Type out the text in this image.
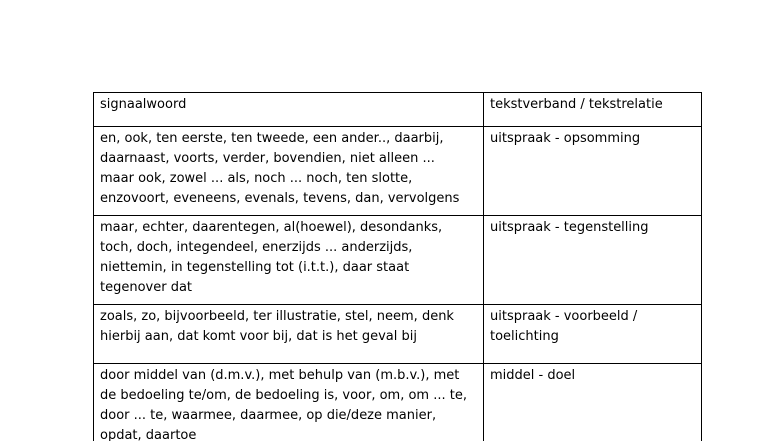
signaalwoord	tekstverband / tekstrelatie

en, ook, ten eerste, ten tweede, een ander.., daarbij,
daarnaast, voorts, verder, bovendien, niet alleen ...
maar ook, zowel ... als, noch ... noch, ten slotte,
enzovoort, eveneens, evenals, tevens, dan, vervolgens	uitspraak - opsomming

maar, echter, daarentegen, al(hoewel), desondanks,
toch, doch, integendeel, enerzijds ... anderzijds,
niettemin, in tegenstelling tot (i.t.t.), daar staat
tegenover dat	uitspraak - tegenstelling

zoals, zo, bijvoorbeeld, ter illustratie, stel, neem, denk
hierbij aan, dat komt voor bij, dat is het geval bij	uitspraak - voorbeeld /
toelichting

door middel van (d.m.v.), met behulp van (m.b.v.), met
de bedoeling te/om, de bedoeling is, voor, om, om ... te,
door ... te, waarmee, daarmee, op die/deze manier,
opdat, daartoe	middel - doel
